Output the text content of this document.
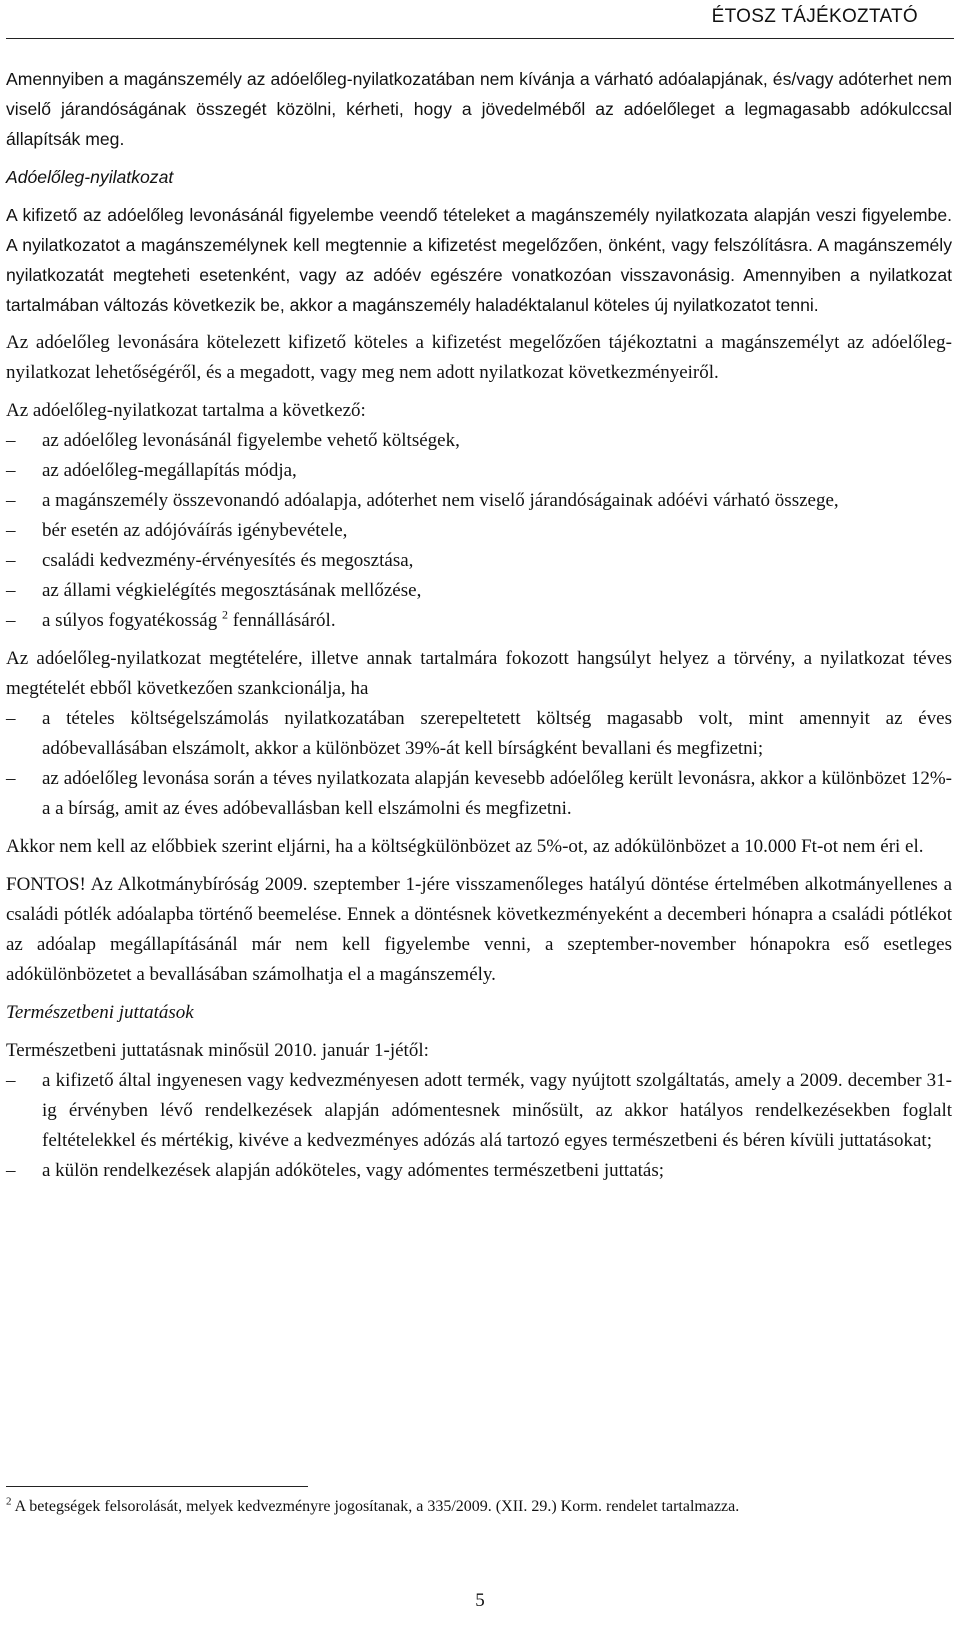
ÉTOSZ TÁJÉKOZTATÓ

Amennyiben a magánszemély az adóelőleg-nyilatkozatában nem kívánja a várható adóalapjának, és/vagy adóterhet nem viselő járandóságának összegét közölni, kérheti, hogy a jövedelméből az adóelőleget a legmagasabb adókulccsal állapítsák meg.

Adóelőleg-nyilatkozat

A kifizető az adóelőleg levonásánál figyelembe veendő tételeket a magánszemély nyilatkozata alapján veszi figyelembe. A nyilatkozatot a magánszemélynek kell megtennie a kifizetést megelőzően, önként, vagy felszólításra. A magánszemély nyilatkozatát megteheti esetenként, vagy az adóév egészére vonatkozóan visszavonásig. Amennyiben a nyilatkozat tartalmában változás következik be, akkor a magánszemély haladéktalanul köteles új nyilatkozatot tenni.

Az adóelőleg levonására kötelezett kifizető köteles a kifizetést megelőzően tájékoztatni a magánszemélyt az adóelőleg-nyilatkozat lehetőségéről, és a megadott, vagy meg nem adott nyilatkozat következményeiről.

Az adóelőleg-nyilatkozat tartalma a következő:

– az adóelőleg levonásánál figyelembe vehető költségek,
– az adóelőleg-megállapítás módja,
– a magánszemély összevonandó adóalapja, adóterhet nem viselő járandóságainak adóévi várható összege,
– bér esetén az adójóváírás igénybevétele,
– családi kedvezmény-érvényesítés és megosztása,
– az állami végkielégítés megosztásának mellőzése,
– a súlyos fogyatékosság $^2$ fennállásáról.

Az adóelőleg-nyilatkozat megtételére, illetve annak tartalmára fokozott hangsúlyt helyez a törvény, a nyilatkozat téves megtételét ebből következően szankcionálja, ha

– a tételes költségelszámolás nyilatkozatában szerepeltetett költség magasabb volt, mint amennyit az éves adóbevallásában elszámolt, akkor a különbözet 39%-át kell bírságként bevallani és megfizetni;
– az adóelőleg levonása során a téves nyilatkozata alapján kevesebb adóelőleg került levonásra, akkor a különbözet 12%-a a bírság, amit az éves adóbevallásban kell elszámolni és megfizetni.

Akkor nem kell az előbbiek szerint eljárni, ha a költségkülönbözet az 5%-ot, az adókülönbözet a 10.000 Ft-ot nem éri el.

FONTOS! Az Alkotmánybíróság 2009. szeptember 1-jére visszamenőleges hatályú döntése értelmében alkotmányellenes a családi pótlék adóalapba történő beemelése. Ennek a döntésnek következményeként a decemberi hónapra a családi pótlékot az adóalap megállapításánál már nem kell figyelembe venni, a szeptember-november hónapokra eső esetleges adókülönbözetet a bevallásában számolhatja el a magánszemély.

Természetbeni juttatások

Természetbeni juttatásnak minősül 2010. január 1-jétől:

– a kifizető által ingyenesen vagy kedvezményesen adott termék, vagy nyújtott szolgáltatás, amely a 2009. december 31-ig érvényben lévő rendelkezések alapján adómentesnek minősült, az akkor hatályos rendelkezésekben foglalt feltételekkel és mértékig, kivéve a kedvezményes adózás alá tartozó egyes természetbeni és béren kívüli juttatásokat;
– a külön rendelkezések alapján adóköteles, vagy adómentes természetbeni juttatás;
$^2$ A betegségek felsorolását, melyek kedvezményre jogosítanak, a 335/2009. (XII. 29.) Korm. rendelet tartalmazza.
5
